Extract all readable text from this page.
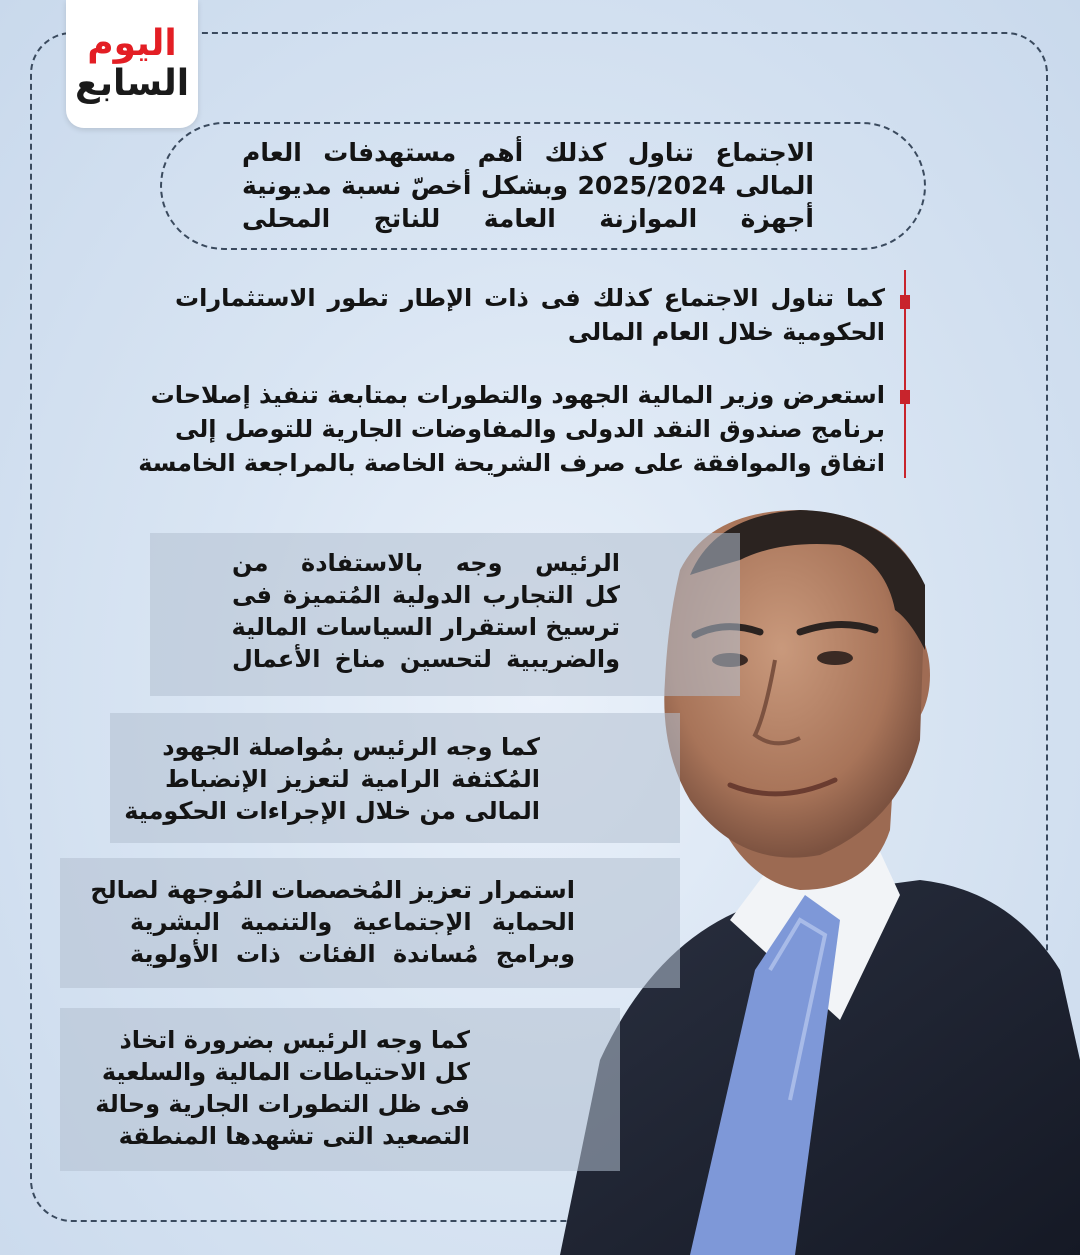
اليوم
السابع
الاجتماع تناول كذلك أهم مستهدفات العام
المالى 2025/2024 وبشكل أخصّ نسبة مديونية
أجهزة الموازنة العامة للناتج المحلى
كما تناول الاجتماع كذلك فى ذات الإطار تطور الاستثمارات
الحكومية خلال العام المالى
استعرض وزير المالية الجهود والتطورات بمتابعة تنفيذ إصلاحات
برنامج صندوق النقد الدولى والمفاوضات الجارية للتوصل إلى
اتفاق والموافقة على صرف الشريحة الخاصة بالمراجعة الخامسة
الرئيس وجه بالاستفادة من
كل التجارب الدولية المُتميزة فى
ترسيخ استقرار السياسات المالية
والضريبية لتحسين مناخ الأعمال
كما وجه الرئيس بمُواصلة الجهود
المُكثفة الرامية لتعزيز الإنضباط
المالى من خلال الإجراءات الحكومية
استمرار تعزيز المُخصصات المُوجهة لصالح
الحماية الإجتماعية والتنمية البشرية
وبرامج مُساندة الفئات ذات الأولوية
كما وجه الرئيس بضرورة اتخاذ
كل الاحتياطات المالية والسلعية
فى ظل التطورات الجارية وحالة
التصعيد التى تشهدها المنطقة
